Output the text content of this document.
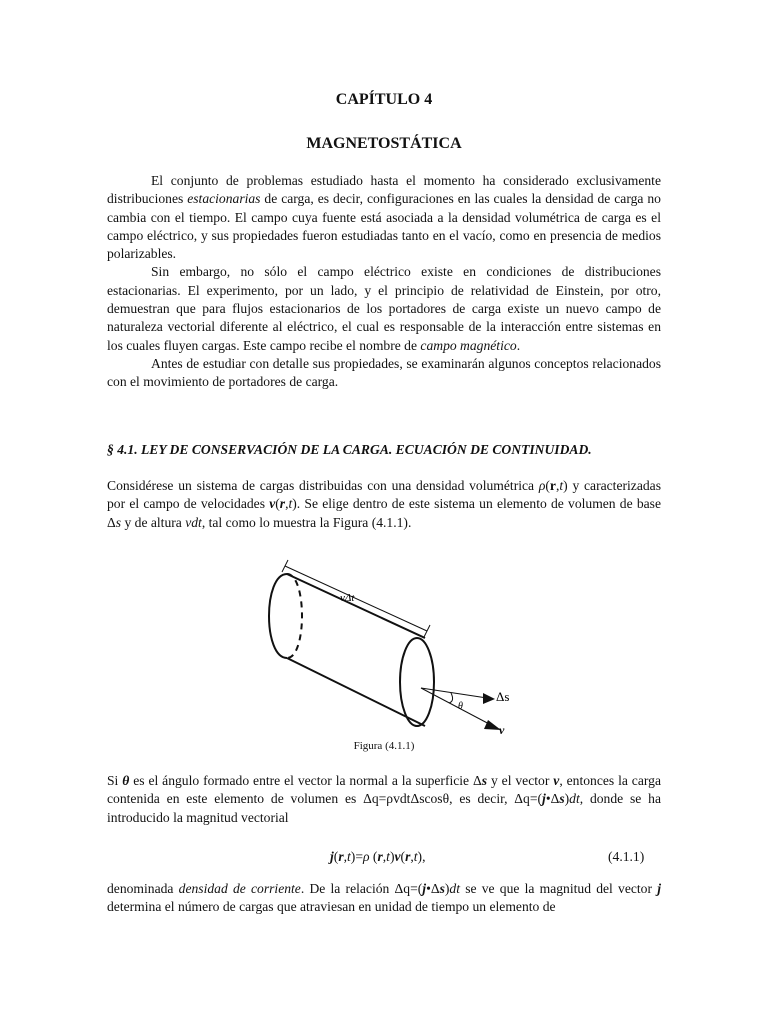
CAPÍTULO 4
MAGNETOSTÁTICA

El conjunto de problemas estudiado hasta el momento ha considerado exclusivamente distribuciones estacionarias de carga, es decir, configuraciones en las cuales la densidad de carga no cambia con el tiempo. El campo cuya fuente está asociada a la densidad volumétrica de carga es el campo eléctrico, y sus propiedades fueron estudiadas tanto en el vacío, como en presencia de medios polarizables.

Sin embargo, no sólo el campo eléctrico existe en condiciones de distribuciones estacionarias. El experimento, por un lado, y el principio de relatividad de Einstein, por otro, demuestran que para flujos estacionarios de los portadores de carga existe un nuevo campo de naturaleza vectorial diferente al eléctrico, el cual es responsable de la interacción entre sistemas en los cuales fluyen cargas. Este campo recibe el nombre de campo magnético.

Antes de estudiar con detalle sus propiedades, se examinarán algunos conceptos relacionados con el movimiento de portadores de carga.

§ 4.1. LEY DE CONSERVACIÓN DE LA CARGA. ECUACIÓN DE CONTINUIDAD.

Considérese un sistema de cargas distribuidas con una densidad volumétrica ρ(r,t) y caracterizadas por el campo de velocidades v(r,t). Se elige dentro de este sistema un elemento de volumen de base Δs y de altura vdt, tal como lo muestra la Figura (4.1.1).

vΔt
Δs
θ
v
Figura (4.1.1)

Si θ es el ángulo formado entre el vector la normal a la superficie Δs y el vector v, entonces la carga contenida en este elemento de volumen es Δq=ρvdtΔscosθ, es decir, Δq=(j•Δs)dt, donde se ha introducido la magnitud vectorial

j(r,t)=ρ (r,t)v(r,t),	(4.1.1)

denominada densidad de corriente. De la relación Δq=(j•Δs)dt se ve que la magnitud del vector j determina el número de cargas que atraviesan en unidad de tiempo un elemento de
